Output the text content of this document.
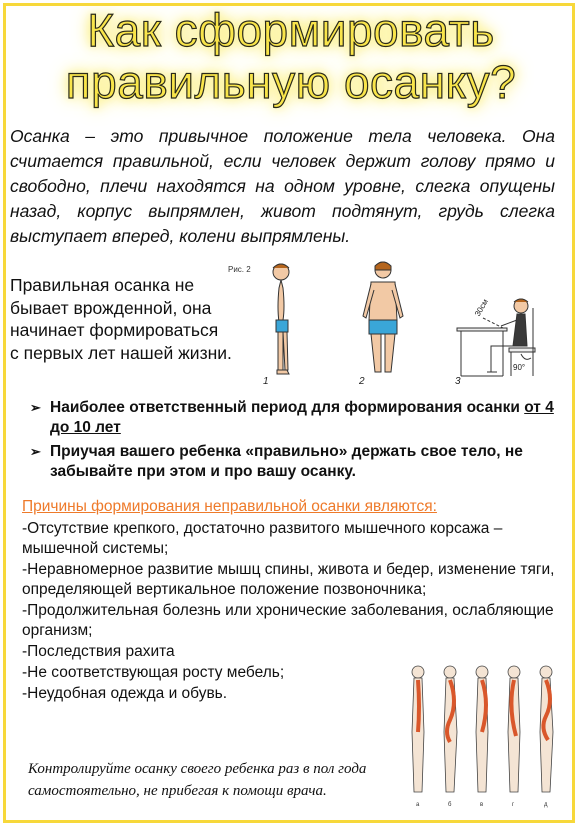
Как сформировать
правильную осанку?
Осанка – это привычное положение тела человека. Она считается правильной, если человек держит голову прямо и свободно, плечи находятся на одном уровне, слегка опущены назад, корпус выпрямлен, живот подтянут, грудь слегка выступает вперед, колени выпрямлены.
Правильная осанка не
бывает врожденной, она
начинает формироваться
с первых лет нашей жизни.
Рис. 2
1	2
30см
90°
3
➢ Наиболее ответственный период для формирования осанки от 4 до 10 лет
➢ Приучая вашего ребенка «правильно» держать свое тело, не забывайте при этом и про вашу осанку.
Причины формирования неправильной осанки являются:
-Отсутствие крепкого, достаточно развитого мышечного корсажа – мышечной системы;
-Неравномерное развитие мышц спины, живота и бедер, изменение тяги, определяющей вертикальное положение позвоночника;
-Продолжительная болезнь или хронические заболевания, ослабляющие организм;
-Последствия рахита
-Не соответствующая росту мебель;
-Неудобная одежда и обувь.
Контролируйте осанку своего ребенка раз в пол года самостоятельно, не прибегая к помощи врача.
а	б	в	г	д
